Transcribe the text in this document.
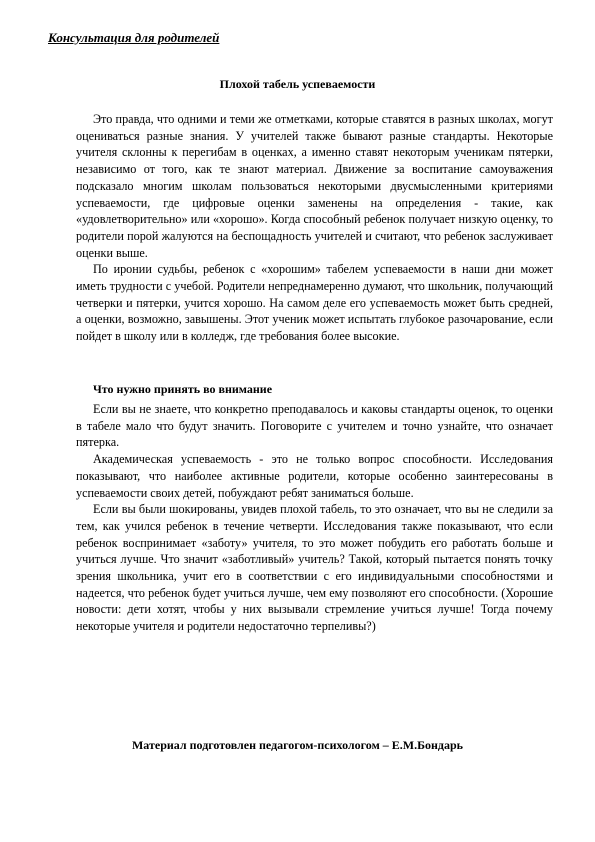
Консультация для родителей
Плохой табель успеваемости

Это правда, что одними и теми же отметками, которые ставятся в разных школах, могут оцениваться разные знания. У учителей также бывают разные стандарты. Некоторые учителя склонны к перегибам в оценках, а именно ставят некоторым ученикам пятерки, независимо от того, как те знают материал. Движение за воспитание самоуважения подсказало многим школам пользоваться некоторыми двусмысленными критериями успеваемости, где цифровые оценки заменены на определения - такие, как «удовлетворительно» или «хорошо». Когда способный ребенок получает низкую оценку, то родители порой жалуются на беспощадность учителей и считают, что ребенок заслуживает оценки выше.

По иронии судьбы, ребенок с «хорошим» табелем успеваемости в наши дни может иметь трудности с учебой. Родители непреднамеренно думают, что школьник, получающий четверки и пятерки, учится хорошо. На самом деле его успеваемость может быть средней, а оценки, возможно, завышены. Этот ученик может испытать глубокое разочарование, если пойдет в школу или в колледж, где требования более высокие.

Что нужно принять во внимание

Если вы не знаете, что конкретно преподавалось и каковы стандарты оценок, то оценки в табеле мало что будут значить. Поговорите с учителем и точно узнайте, что означает пятерка.

Академическая успеваемость - это не только вопрос способности. Исследования показывают, что наиболее активные родители, которые особенно заинтересованы в успеваемости своих детей, побуждают ребят заниматься больше.

Если вы были шокированы, увидев плохой табель, то это означает, что вы не следили за тем, как учился ребенок в течение четверти. Исследования также показывают, что если ребенок воспринимает «заботу» учителя, то это может побудить его работать больше и учиться лучше. Что значит «заботливый» учитель? Такой, который пытается понять точку зрения школьника, учит его в соответствии с его индивидуальными способностями и надеется, что ребенок будет учиться лучше, чем ему позволяют его способности. (Хорошие новости: дети хотят, чтобы у них вызывали стремление учиться лучше! Тогда почему некоторые учителя и родители недостаточно терпеливы?)

Материал подготовлен педагогом-психологом – Е.М.Бондарь
